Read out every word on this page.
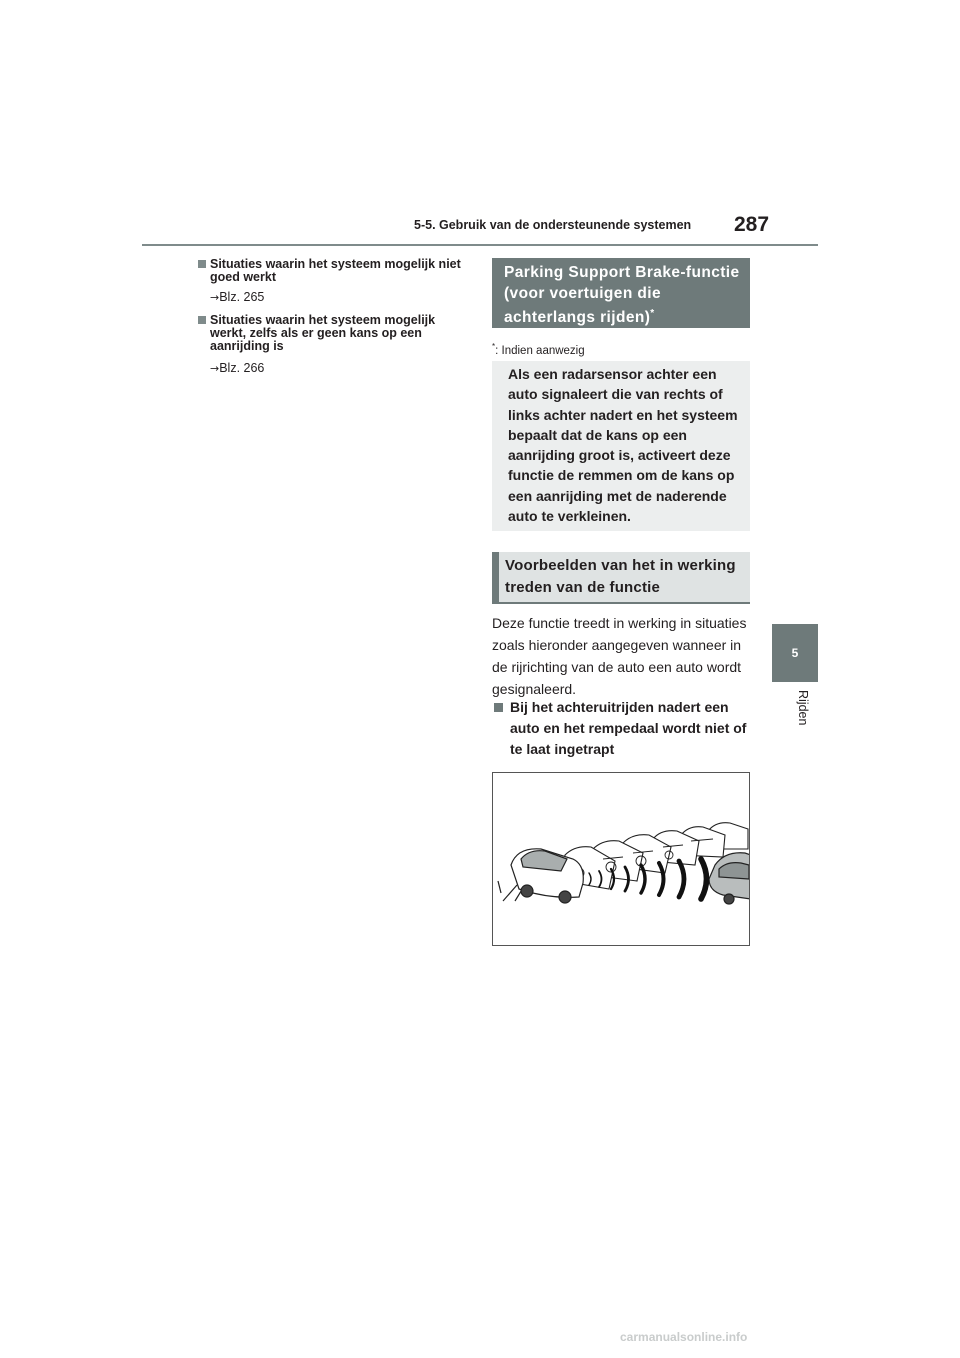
5-5. Gebruik van de ondersteunende systemen 287
5
Rijden
Situaties waarin het systeem mogelijk niet goed werkt
→Blz. 265
Situaties waarin het systeem mogelijk werkt, zelfs als er geen kans op een aanrijding is
→Blz. 266
Parking Support Brake-functie (voor voertuigen die achterlangs rijden)*
*: Indien aanwezig
Als een radarsensor achter een auto signaleert die van rechts of links achter nadert en het systeem bepaalt dat de kans op een aanrijding groot is, activeert deze functie de remmen om de kans op een aanrijding met de naderende auto te verkleinen.
Voorbeelden van het in werking treden van de functie
Deze functie treedt in werking in situaties zoals hieronder aangegeven wanneer in de rijrichting van de auto een auto wordt gesignaleerd.
Bij het achteruitrijden nadert een auto en het rempedaal wordt niet of te laat ingetrapt
carmanualsonline.info
